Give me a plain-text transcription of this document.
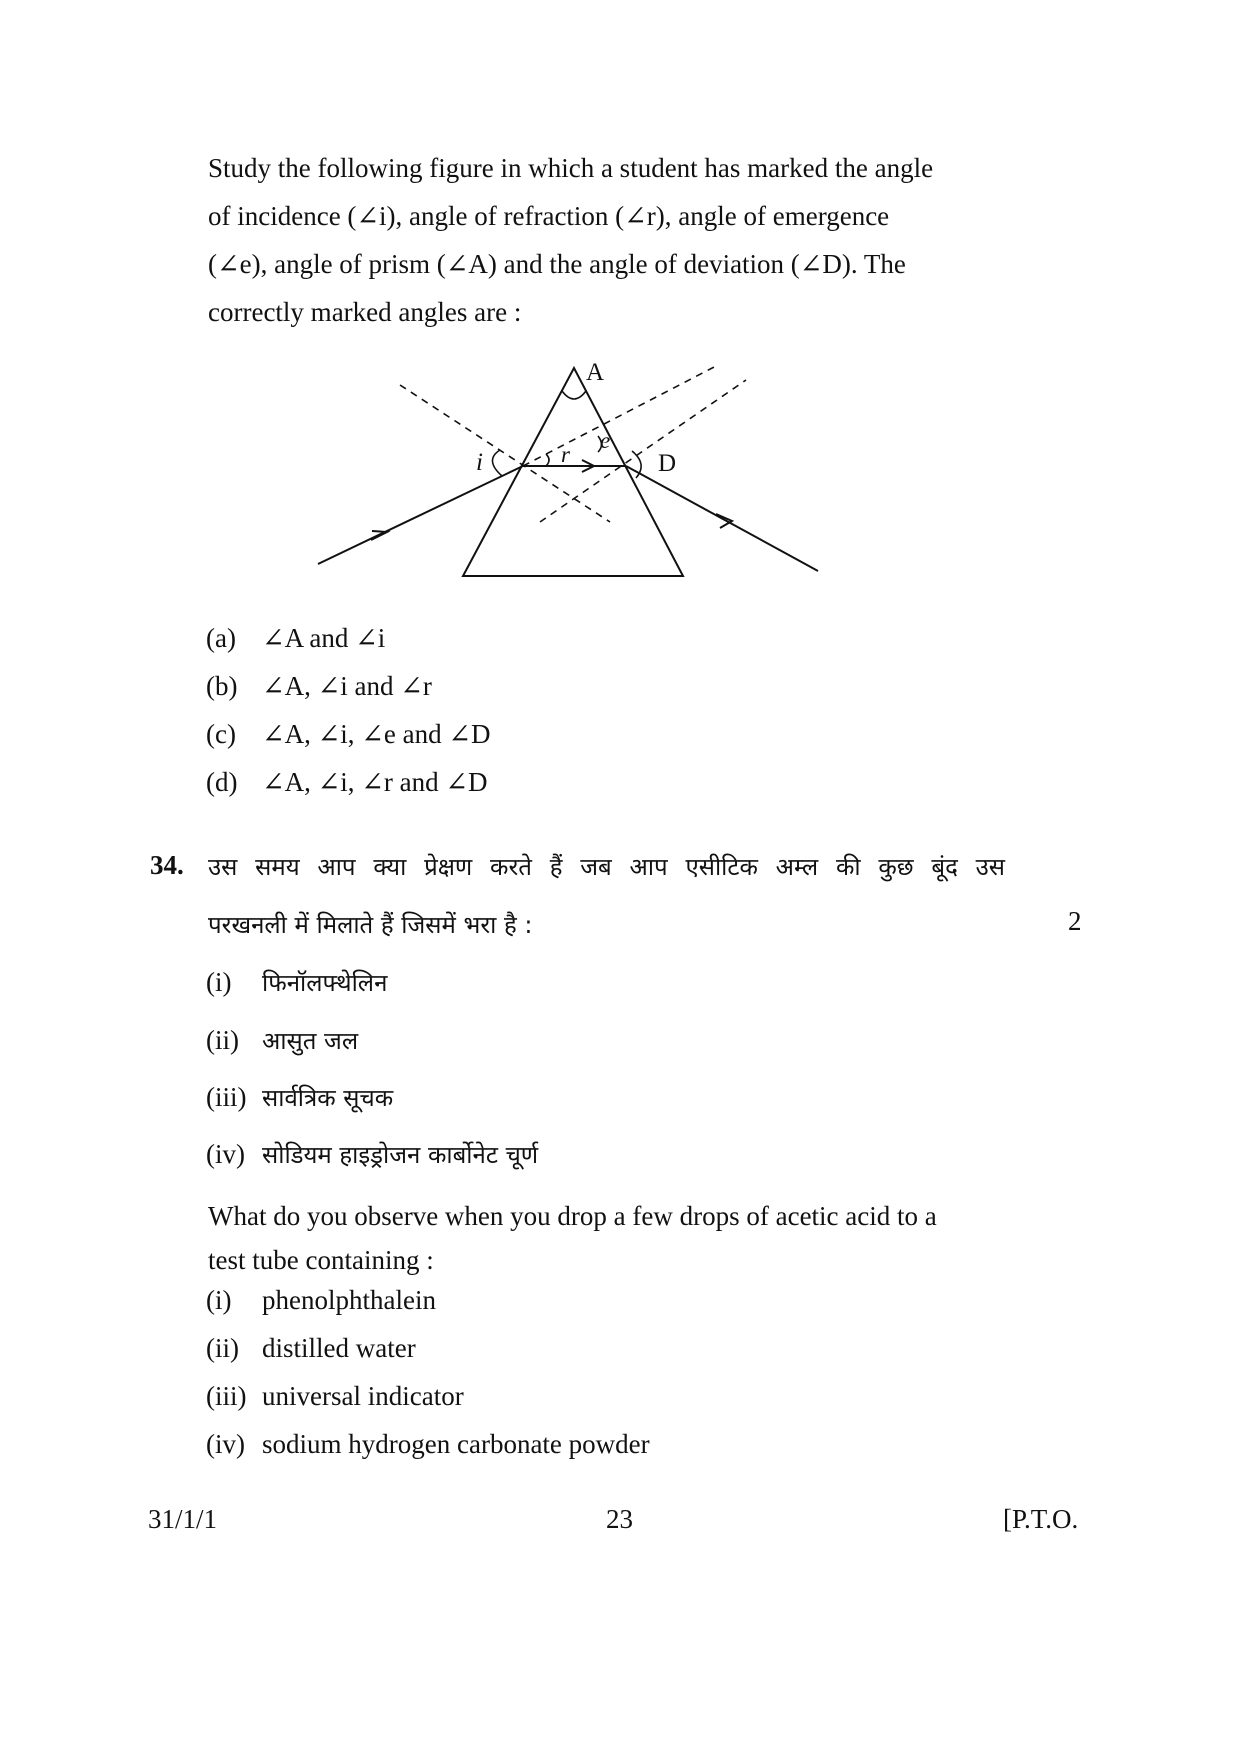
Study the following figure in which a student has marked the angle
of incidence (∠i), angle of refraction (∠r), angle of emergence
(∠e), angle of prism (∠A) and the angle of deviation (∠D). The
correctly marked angles are :
A
i	r
e
D
(a) ∠A and ∠i
(b) ∠A, ∠i and ∠r
(c) ∠A, ∠i, ∠e and ∠D
(d) ∠A, ∠i, ∠r and ∠D
34. उस समय आप क्या प्रेक्षण करते हैं जब आप एसीटिक अम्ल की कुछ बूंद उस
परखनली में मिलाते हैं जिसमें भरा है :	2
(i) फिनॉलफ्थेलिन
(ii) आसुत जल
(iii) सार्वत्रिक सूचक
(iv) सोडियम हाइड्रोजन कार्बोनेट चूर्ण
What do you observe when you drop a few drops of acetic acid to a
test tube containing :
(i) phenolphthalein
(ii) distilled water
(iii) universal indicator
(iv) sodium hydrogen carbonate powder
31/1/1	23	[P.T.O.
